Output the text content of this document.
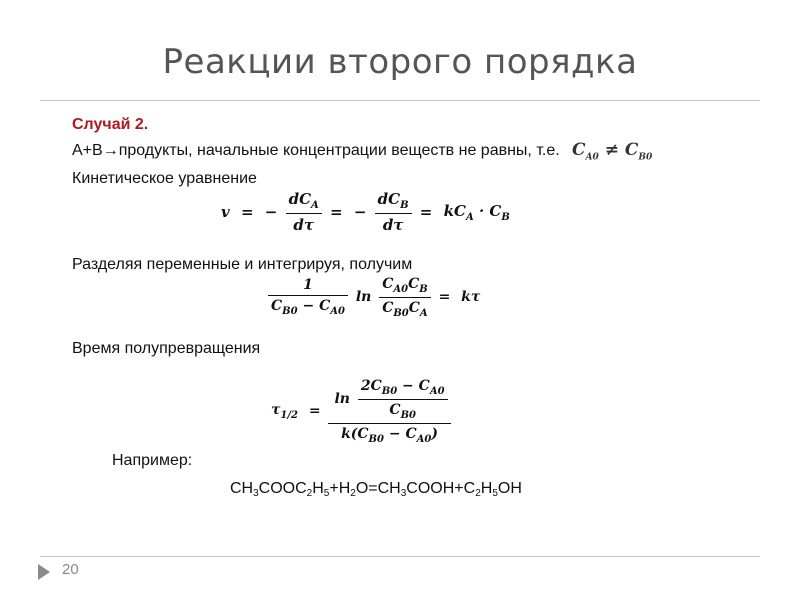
Реакции второго порядка
Случай 2.
A+B→продукты, начальные концентрации веществ не равны, т.е. $C_{A0} \ne C_{B0}$
Кинетическое уравнение
v = − $\frac{dC_A}{d\tau}$ = − $\frac{dC_B}{d\tau} = kC_A \cdot C_B$
Разделяя переменные и интегрируя, получим
$\frac{1}{C_{B0} - C_{A0}}$ $\ln \frac{C_{A0}C_B}{C_{B0}C_A} = k\tau$
Время полупревращения
$\tau_{1/2} = \frac{\ln \frac{2C_{B0} - C_{A0}}{C_{B0}}}{k(C_{B0} - C_{A0})}$
Например:
$CH_3COOC_2H_5+H_2O=CH_3COOH+C_2H_5OH$
20
